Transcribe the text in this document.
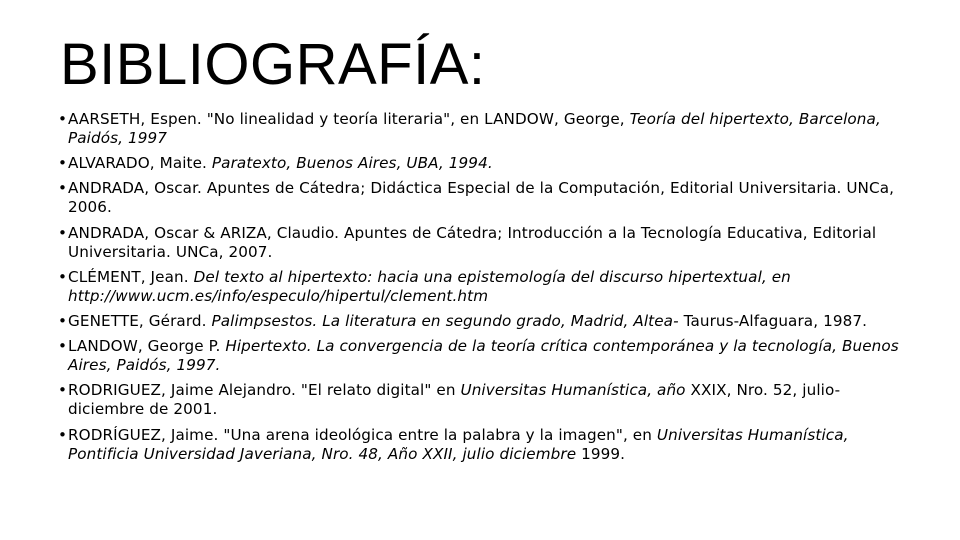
BIBLIOGRAFÍA:
• AARSETH, Espen. "No linealidad y teoría literaria", en LANDOW, George, Teoría del hipertexto, Barcelona, Paidós, 1997
• ALVARADO, Maite. Paratexto, Buenos Aires, UBA, 1994.
• ANDRADA, Oscar. Apuntes de Cátedra; Didáctica Especial de la Computación, Editorial Universitaria. UNCa, 2006.
• ANDRADA, Oscar & ARIZA, Claudio. Apuntes de Cátedra; Introducción a la Tecnología Educativa, Editorial Universitaria. UNCa, 2007.
• CLÉMENT, Jean. Del texto al hipertexto: hacia una epistemología del discurso hipertextual, en http://www.ucm.es/info/especulo/hipertul/clement.htm
• GENETTE, Gérard. Palimpsestos. La literatura en segundo grado, Madrid, Altea- Taurus-Alfaguara, 1987.
• LANDOW, George P. Hipertexto. La convergencia de la teoría crítica contemporánea y la tecnología, Buenos Aires, Paidós, 1997.
• RODRIGUEZ, Jaime Alejandro. "El relato digital" en Universitas Humanística, año XXIX, Nro. 52, julio-diciembre de 2001.
• RODRÍGUEZ, Jaime. "Una arena ideológica entre la palabra y la imagen", en Universitas Humanística, Pontificia Universidad Javeriana, Nro. 48, Año XXII, julio diciembre 1999.
